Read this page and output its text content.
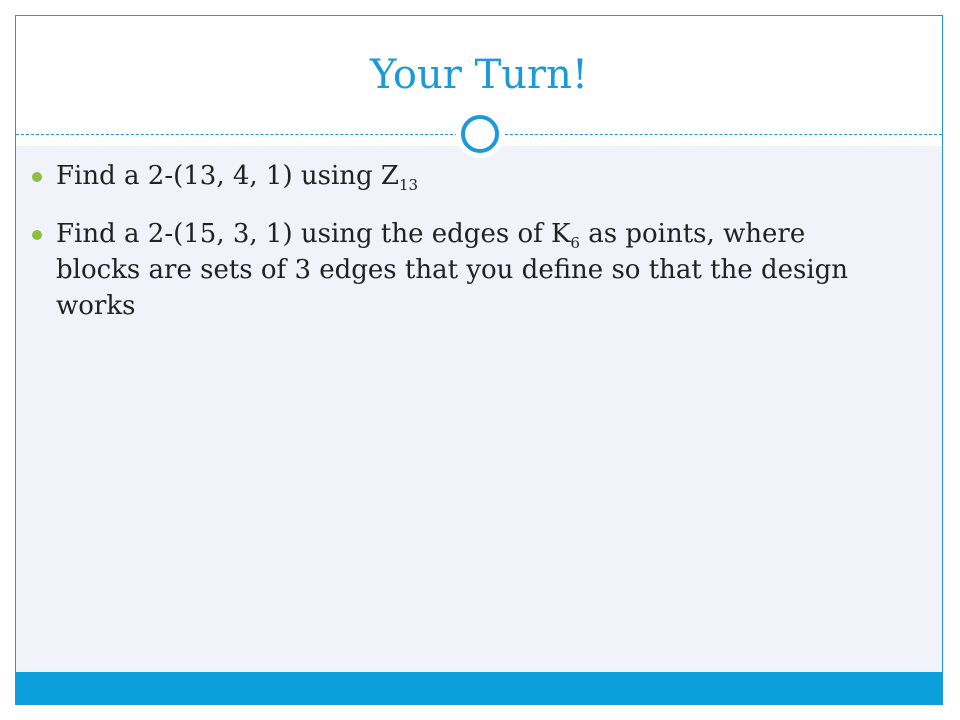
Your Turn!
Find a 2-(13, 4, 1) using $Z_{13}$
Find a 2-(15, 3, 1) using the edges of $K_6$ as points, where blocks are sets of 3 edges that you define so that the design works
